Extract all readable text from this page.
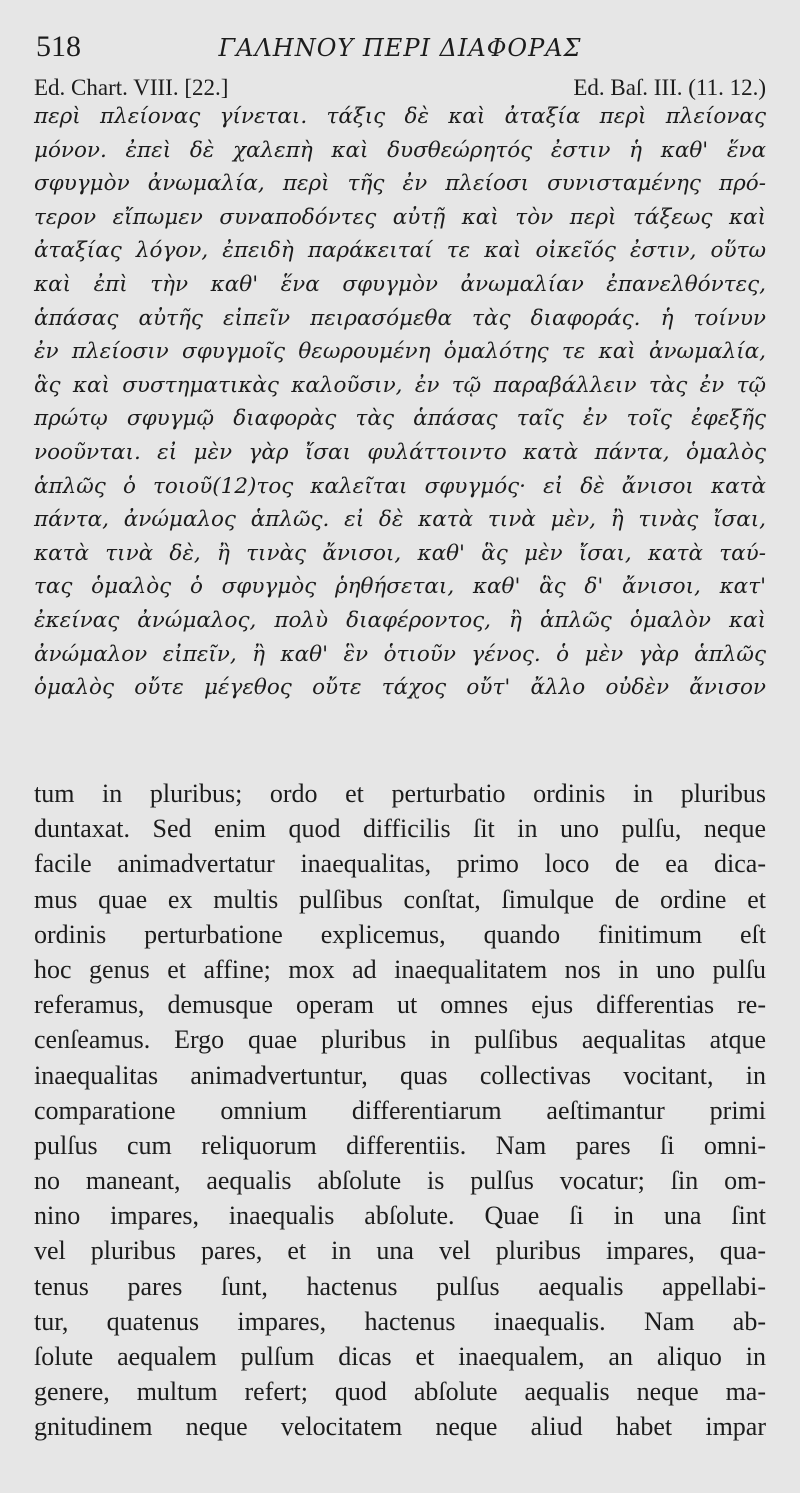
518	ΓΑΛΗΝΟΥ ΠΕΡΙ ΔΙΑΦΟΡΑΣ
Ed. Chart. VIII. [22.]	Ed. Baſ. III. (11. 12.)
περὶ πλείονας γίνεται. τάξις δὲ καὶ ἀταξία περὶ πλείονας
μόνον. ἐπεὶ δὲ χαλεπὴ καὶ δυσθεώρητός ἐστιν ἡ καθ' ἕνα
σφυγμὸν ἀνωμαλία, περὶ τῆς ἐν πλείοσι συνισταμένης πρό-
τερον εἴπωμεν συναποδόντες αὐτῇ καὶ τὸν περὶ τάξεως καὶ
ἀταξίας λόγον, ἐπειδὴ παράκειταί τε καὶ οἰκεῖός ἐστιν, οὕτω
καὶ ἐπὶ τὴν καθ' ἕνα σφυγμὸν ἀνωμαλίαν ἐπανελθόντες,
ἁπάσας αὐτῆς εἰπεῖν πειρασόμεθα τὰς διαφοράς. ἡ τοίνυν
ἐν πλείοσιν σφυγμοῖς θεωρουμένη ὁμαλότης τε καὶ ἀνωμαλία,
ἃς καὶ συστηματικὰς καλοῦσιν, ἐν τῷ παραβάλλειν τὰς ἐν τῷ
πρώτῳ σφυγμῷ διαφορὰς τὰς ἁπάσας ταῖς ἐν τοῖς ἐφεξῆς
νοοῦνται. εἰ μὲν γὰρ ἴσαι φυλάττοιντο κατὰ πάντα, ὁμαλὸς
ἁπλῶς ὁ τοιοῦ(12)τος καλεῖται σφυγμός· εἰ δὲ ἄνισοι κατὰ
πάντα, ἀνώμαλος ἁπλῶς. εἰ δὲ κατὰ τινὰ μὲν, ἢ τινὰς ἴσαι,
κατὰ τινὰ δὲ, ἢ τινὰς ἄνισοι, καθ' ἃς μὲν ἴσαι, κατὰ ταύ-
τας ὁμαλὸς ὁ σφυγμὸς ῥηθήσεται, καθ' ἃς δ' ἄνισοι, κατ'
ἐκείνας ἀνώμαλος, πολὺ διαφέροντος, ἢ ἁπλῶς ὁμαλὸν καὶ
ἀνώμαλον εἰπεῖν, ἢ καθ' ἓν ὁτιοῦν γένος. ὁ μὲν γὰρ ἁπλῶς
ὁμαλὸς οὔτε μέγεθος οὔτε τάχος οὔτ' ἄλλο οὐδὲν ἄνισον
tum in pluribus; ordo et perturbatio ordinis in pluribus
duntaxat. Sed enim quod difficilis ſit in uno pulſu, neque
facile animadvertatur inaequalitas, primo loco de ea dica-
mus quae ex multis pulſibus conſtat, ſimulque de ordine et
ordinis perturbatione explicemus, quando finitimum eſt
hoc genus et affine; mox ad inaequalitatem nos in uno pulſu
referamus, demusque operam ut omnes ejus differentias re-
cenſeamus. Ergo quae pluribus in pulſibus aequalitas atque
inaequalitas animadvertuntur, quas collectivas vocitant, in
comparatione omnium differentiarum aeſtimantur primi
pulſus cum reliquorum differentiis. Nam pares ſi omni-
no maneant, aequalis abſolute is pulſus vocatur; ſin om-
nino impares, inaequalis abſolute. Quae ſi in una ſint
vel pluribus pares, et in una vel pluribus impares, qua-
tenus pares ſunt, hactenus pulſus aequalis appellabi-
tur, quatenus impares, hactenus inaequalis. Nam ab-
ſolute aequalem pulſum dicas et inaequalem, an aliquo in
genere, multum refert; quod abſolute aequalis neque ma-
gnitudinem neque velocitatem neque aliud habet impar
